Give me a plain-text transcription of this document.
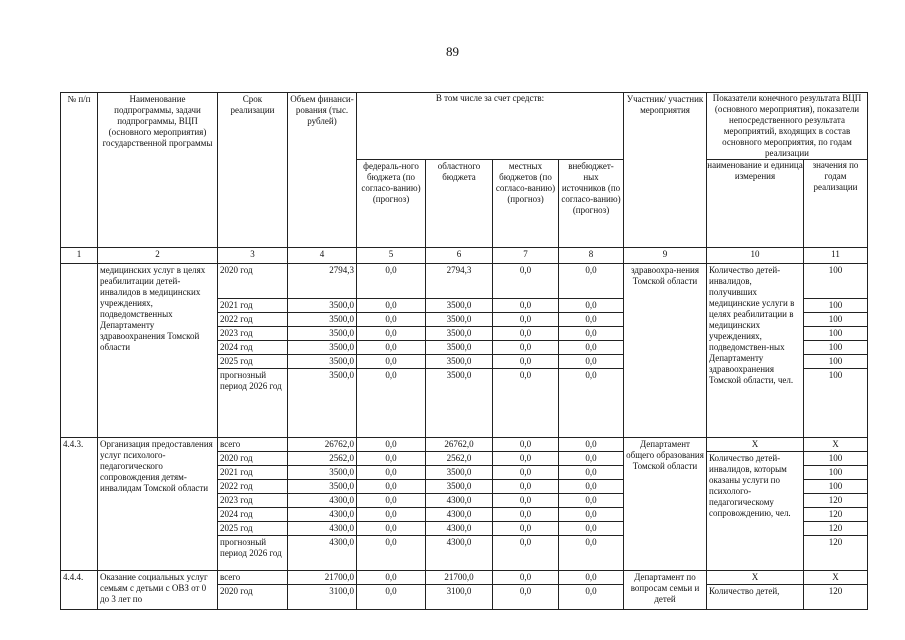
89
№ п/п	Наименование подпрограммы, задачи подпрограммы, ВЦП (основного мероприятия) государственной программы	Срок реализации	Объем финанси-рования (тыс. рублей)	В том числе за счет средств:				Участник/ участник мероприятия	Показатели конечного результата ВЦП (основного мероприятия), показатели непосредственного результата мероприятий, входящих в состав основного мероприятия, по годам реализации	
				федераль-ного бюджета (по согласо-ванию) (прогноз)	областного бюджета	местных бюджетов (по согласо-ванию) (прогноз)	внебюджет-ных источников (по согласо-ванию) (прогноз)		наименование и единица измерения	значения по годам реализации
1	2	3	4	5	6	7	8	9	10	11
	медицинских услуг в целях реабилитации детей-инвалидов в медицинских учреждениях, подведомственных Департаменту здравоохранения Томской области	2020 год	2794,3	0,0	2794,3	0,0	0,0	здравоохра-нения Томской области	Количество детей-инвалидов, получивших медицинские услуги в целях реабилитации в медицинских учреждениях, подведомствен-ных Департаменту здравоохранения Томской области, чел.	100
		2021 год	3500,0	0,0	3500,0	0,0	0,0			100
		2022 год	3500,0	0,0	3500,0	0,0	0,0			100
		2023 год	3500,0	0,0	3500,0	0,0	0,0			100
		2024 год	3500,0	0,0	3500,0	0,0	0,0			100
		2025 год	3500,0	0,0	3500,0	0,0	0,0			100
		прогнозный период 2026 год	3500,0	0,0	3500,0	0,0	0,0			100
4.4.3.	Организация предоставления услуг психолого-педагогического сопровождения детям-инвалидам Томской области	всего	26762,0	0,0	26762,0	0,0	0,0	Департамент общего образования Томской области	Х	Х
		2020 год	2562,0	0,0	2562,0	0,0	0,0		Количество детей-инвалидов, которым оказаны услуги по психолого-педагогическому сопровождению, чел.	100
		2021 год	3500,0	0,0	3500,0	0,0	0,0			100
		2022 год	3500,0	0,0	3500,0	0,0	0,0			100
		2023 год	4300,0	0,0	4300,0	0,0	0,0			120
		2024 год	4300,0	0,0	4300,0	0,0	0,0			120
		2025 год	4300,0	0,0	4300,0	0,0	0,0			120
		прогнозный период 2026 год	4300,0	0,0	4300,0	0,0	0,0			120
4.4.4.	Оказание социальных услуг семьям с детьми с ОВЗ от 0 до 3 лет по	всего	21700,0	0,0	21700,0	0,0	0,0	Департамент по вопросам семьи и детей	Х	Х
		2020 год	3100,0	0,0	3100,0	0,0	0,0		Количество детей,	120
